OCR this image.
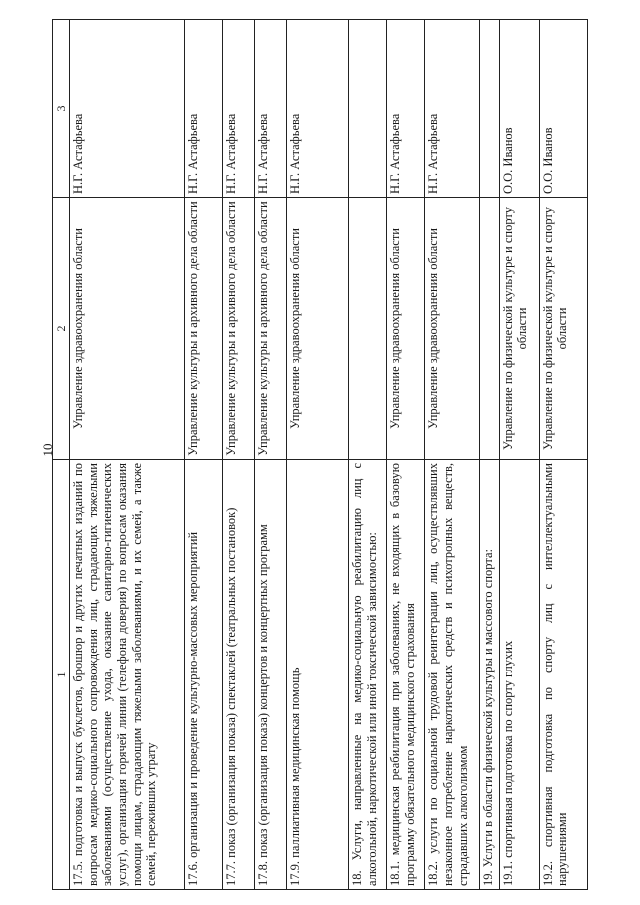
10
1	2	3
17.5. подготовка и выпуск буклетов, брошюр и других печатных изданий по вопросам медико-социального сопровождения лиц, страдающих тяжелыми заболеваниями (осуществление ухода, оказание санитарно-гигиенических услуг), организация горячей линии (телефона доверия) по вопросам оказания помощи лицам, страдающим тяжелыми заболеваниями, и их семей, а также семей, переживших утрату	Управление здравоохранения области	Н.Г. Астафьева
17.6. организация и проведение культурно-массовых мероприятий	Управление культуры и архивного дела области	Н.Г. Астафьева
17.7. показ (организация показа) спектаклей (театральных постановок)	Управление культуры и архивного дела области	Н.Г. Астафьева
17.8. показ (организация показа) концертов и концертных программ	Управление культуры и архивного дела области	Н.Г. Астафьева
17.9. паллиативная медицинская помощь	Управление здравоохранения области	Н.Г. Астафьева
18. Услуги, направленные на медико-социальную реабилитацию лиц с алкогольной, наркотической или иной токсической зависимостью:		
18.1. медицинская реабилитация при заболеваниях, не входящих в базовую программу обязательного медицинского страхования	Управление здравоохранения области	Н.Г. Астафьева
18.2. услуги по социальной трудовой реинтеграции лиц, осуществлявших незаконное потребление наркотических средств и психотропных веществ, страдавших алкоголизмом	Управление здравоохранения области	Н.Г. Астафьева
19. Услуги в области физической культуры и массового спорта:		
19.1. спортивная подготовка по спорту глухих	Управление по физической культуре и спорту области	О.О. Иванов
19.2. спортивная подготовка по спорту лиц с интеллектуальными нарушениями	Управление по физической культуре и спорту области	О.О. Иванов
